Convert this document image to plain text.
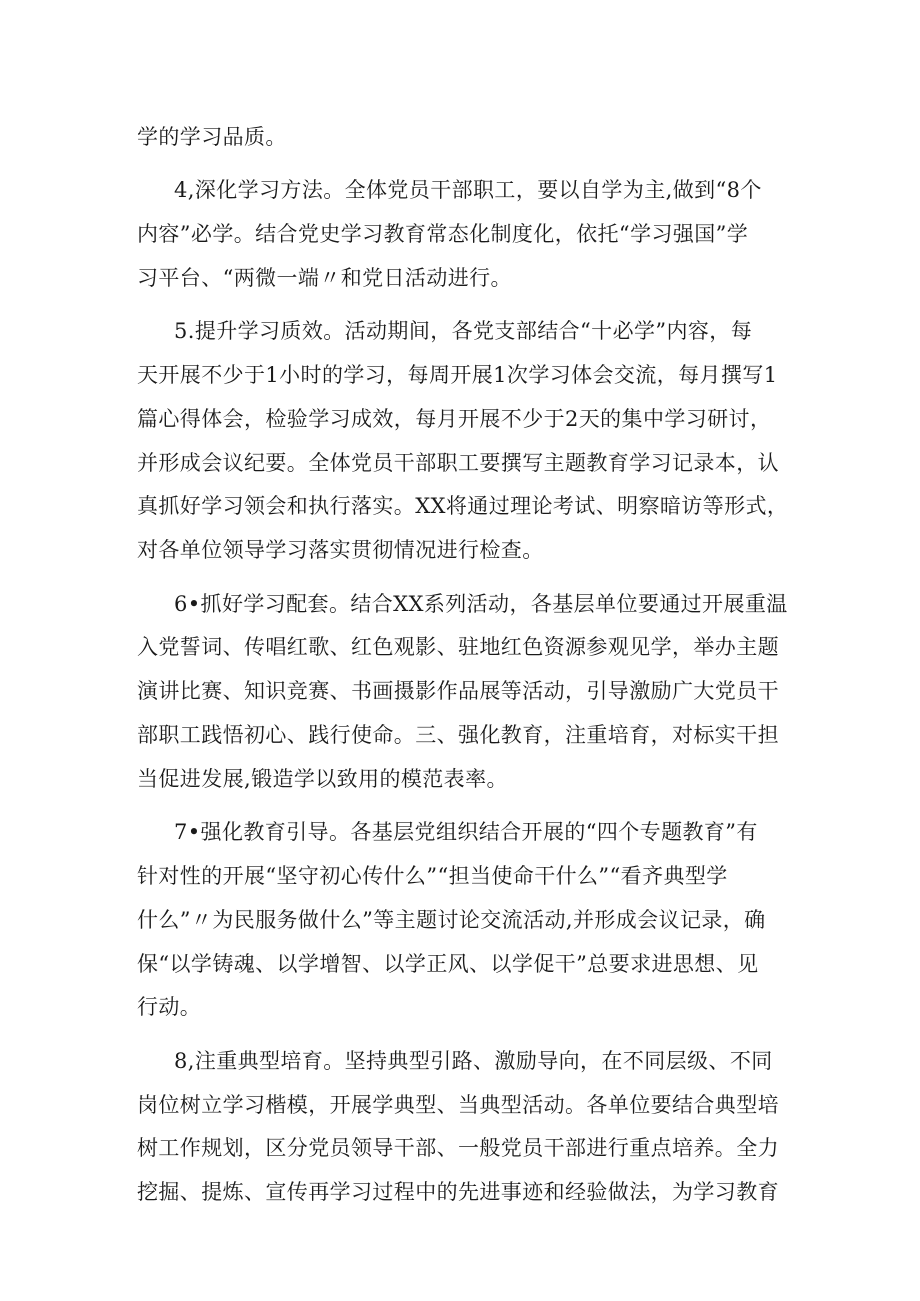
学的学习品质。
4,深化学习方法。全体党员干部职工，要以自学为主,做到“8个
内容”必学。结合党史学习教育常态化制度化，依托“学习强国”学
习平台、“两微一端〃和党日活动进行。
5.提升学习质效。活动期间，各党支部结合“十必学”内容，每
天开展不少于1小时的学习，每周开展1次学习体会交流，每月撰写1
篇心得体会，检验学习成效，每月开展不少于2天的集中学习研讨，
并形成会议纪要。全体党员干部职工要撰写主题教育学习记录本，认
真抓好学习领会和执行落实。XX将通过理论考试、明察暗访等形式，
对各单位领导学习落实贯彻情况进行检查。
6•抓好学习配套。结合XX系列活动，各基层单位要通过开展重温
入党誓词、传唱红歌、红色观影、驻地红色资源参观见学，举办主题
演讲比赛、知识竞赛、书画摄影作品展等活动，引导激励广大党员干
部职工践悟初心、践行使命。三、强化教育，注重培育，对标实干担
当促进发展,锻造学以致用的模范表率。
7•强化教育引导。各基层党组织结合开展的“四个专题教育”有
针对性的开展“坚守初心传什么”“担当使命干什么”“看齐典型学
什么”〃为民服务做什么”等主题讨论交流活动,并形成会议记录，确
保“以学铸魂、以学增智、以学正风、以学促干”总要求进思想、见
行动。
8,注重典型培育。坚持典型引路、激励导向，在不同层级、不同
岗位树立学习楷模，开展学典型、当典型活动。各单位要结合典型培
树工作规划，区分党员领导干部、一般党员干部进行重点培养。全力
挖掘、提炼、宣传再学习过程中的先进事迹和经验做法，为学习教育
